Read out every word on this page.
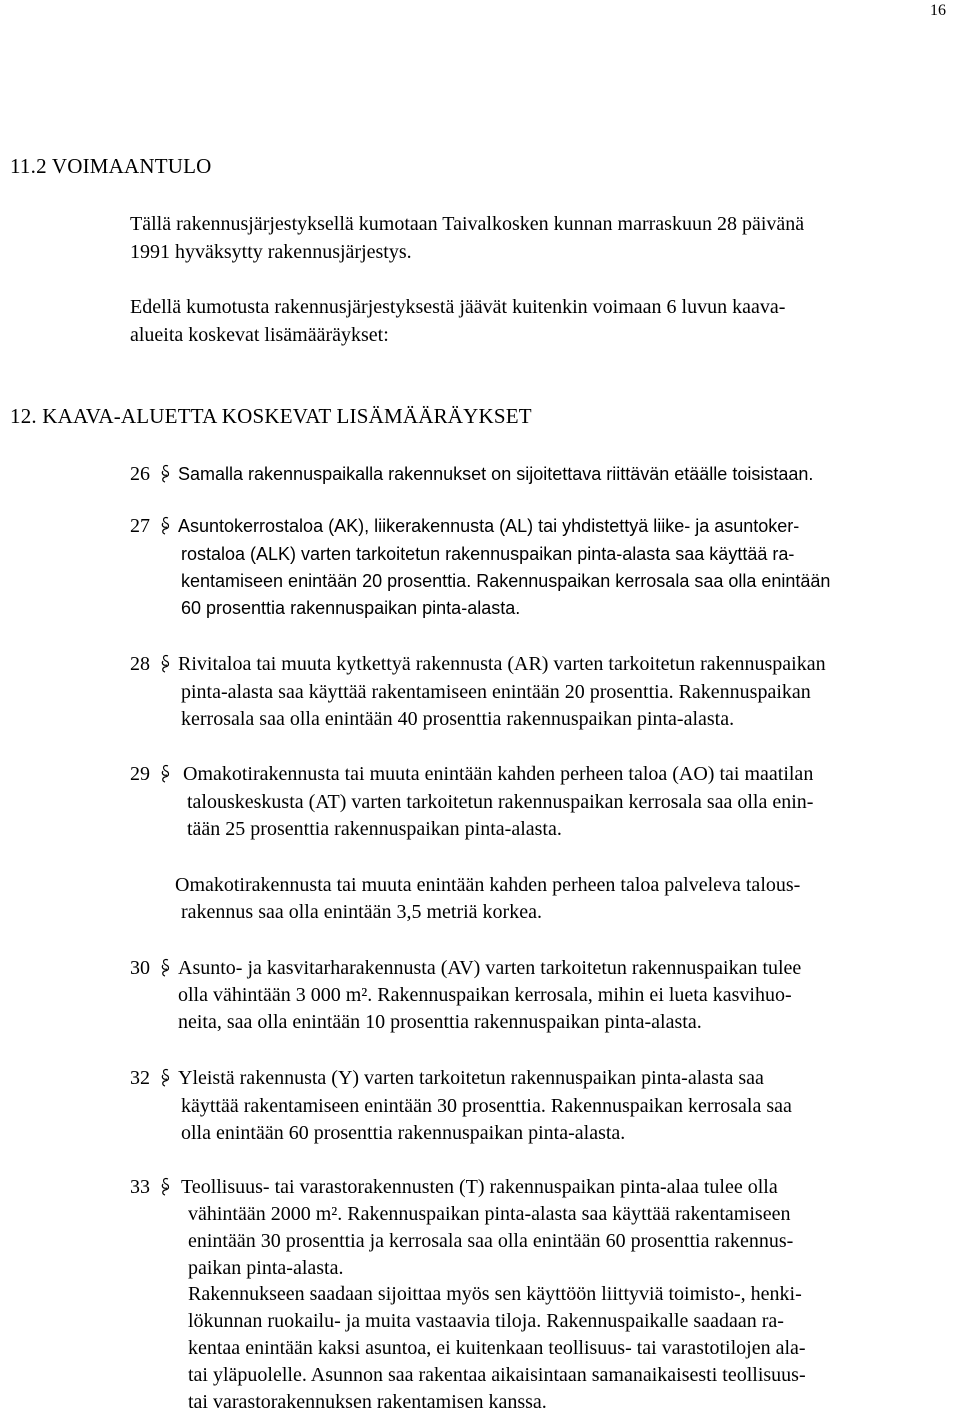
16
11.2 VOIMAANTULO
Tällä rakennusjärjestyksellä kumotaan Taivalkosken kunnan marraskuun 28 päivänä
1991 hyväksytty rakennusjärjestys.
Edellä kumotusta rakennusjärjestyksestä jäävät kuitenkin voimaan 6 luvun kaava-
alueita koskevat lisämääräykset:
12. KAAVA-ALUETTA KOSKEVAT LISÄMÄÄRÄYKSET
26 Samalla rakennuspaikalla rakennukset on sijoitettava riittävän etäälle toisistaan.
27 Asuntokerrostaloa (AK), liikerakennusta (AL) tai yhdistettyä liike- ja asuntoker-
rostaloa (ALK) varten tarkoitetun rakennuspaikan pinta-alasta saa käyttää ra-
kentamiseen enintään 20 prosenttia. Rakennuspaikan kerrosala saa olla enintään
60 prosenttia rakennuspaikan pinta-alasta.
28 Rivitaloa tai muuta kytkettyä rakennusta (AR) varten tarkoitetun rakennuspaikan
pinta-alasta saa käyttää rakentamiseen enintään 20 prosenttia. Rakennuspaikan
kerrosala saa olla enintään 40 prosenttia rakennuspaikan pinta-alasta.
29 Omakotirakennusta tai muuta enintään kahden perheen taloa (AO) tai maatilan
talouskeskusta (AT) varten tarkoitetun rakennuspaikan kerrosala saa olla enin-
tään 25 prosenttia rakennuspaikan pinta-alasta.
Omakotirakennusta tai muuta enintään kahden perheen taloa palveleva talous-
rakennus saa olla enintään 3,5 metriä korkea.
30 Asunto- ja kasvitarharakennusta (AV) varten tarkoitetun rakennuspaikan tulee
olla vähintään 3 000 m². Rakennuspaikan kerrosala, mihin ei lueta kasvihuo-
neita, saa olla enintään 10 prosenttia rakennuspaikan pinta-alasta.
32 Yleistä rakennusta (Y) varten tarkoitetun rakennuspaikan pinta-alasta saa
käyttää rakentamiseen enintään 30 prosenttia. Rakennuspaikan kerrosala saa
olla enintään 60 prosenttia rakennuspaikan pinta-alasta.
33 Teollisuus- tai varastorakennusten (T) rakennuspaikan pinta-alaa tulee olla
vähintään 2000 m². Rakennuspaikan pinta-alasta saa käyttää rakentamiseen
enintään 30 prosenttia ja kerrosala saa olla enintään 60 prosenttia rakennus-
paikan pinta-alasta.
Rakennukseen saadaan sijoittaa myös sen käyttöön liittyviä toimisto-, henki-
lökunnan ruokailu- ja muita vastaavia tiloja. Rakennuspaikalle saadaan ra-
kentaa enintään kaksi asuntoa, ei kuitenkaan teollisuus- tai varastotilojen ala-
tai yläpuolelle. Asunnon saa rakentaa aikaisintaan samanaikaisesti teollisuus-
tai varastorakennuksen rakentamisen kanssa.
